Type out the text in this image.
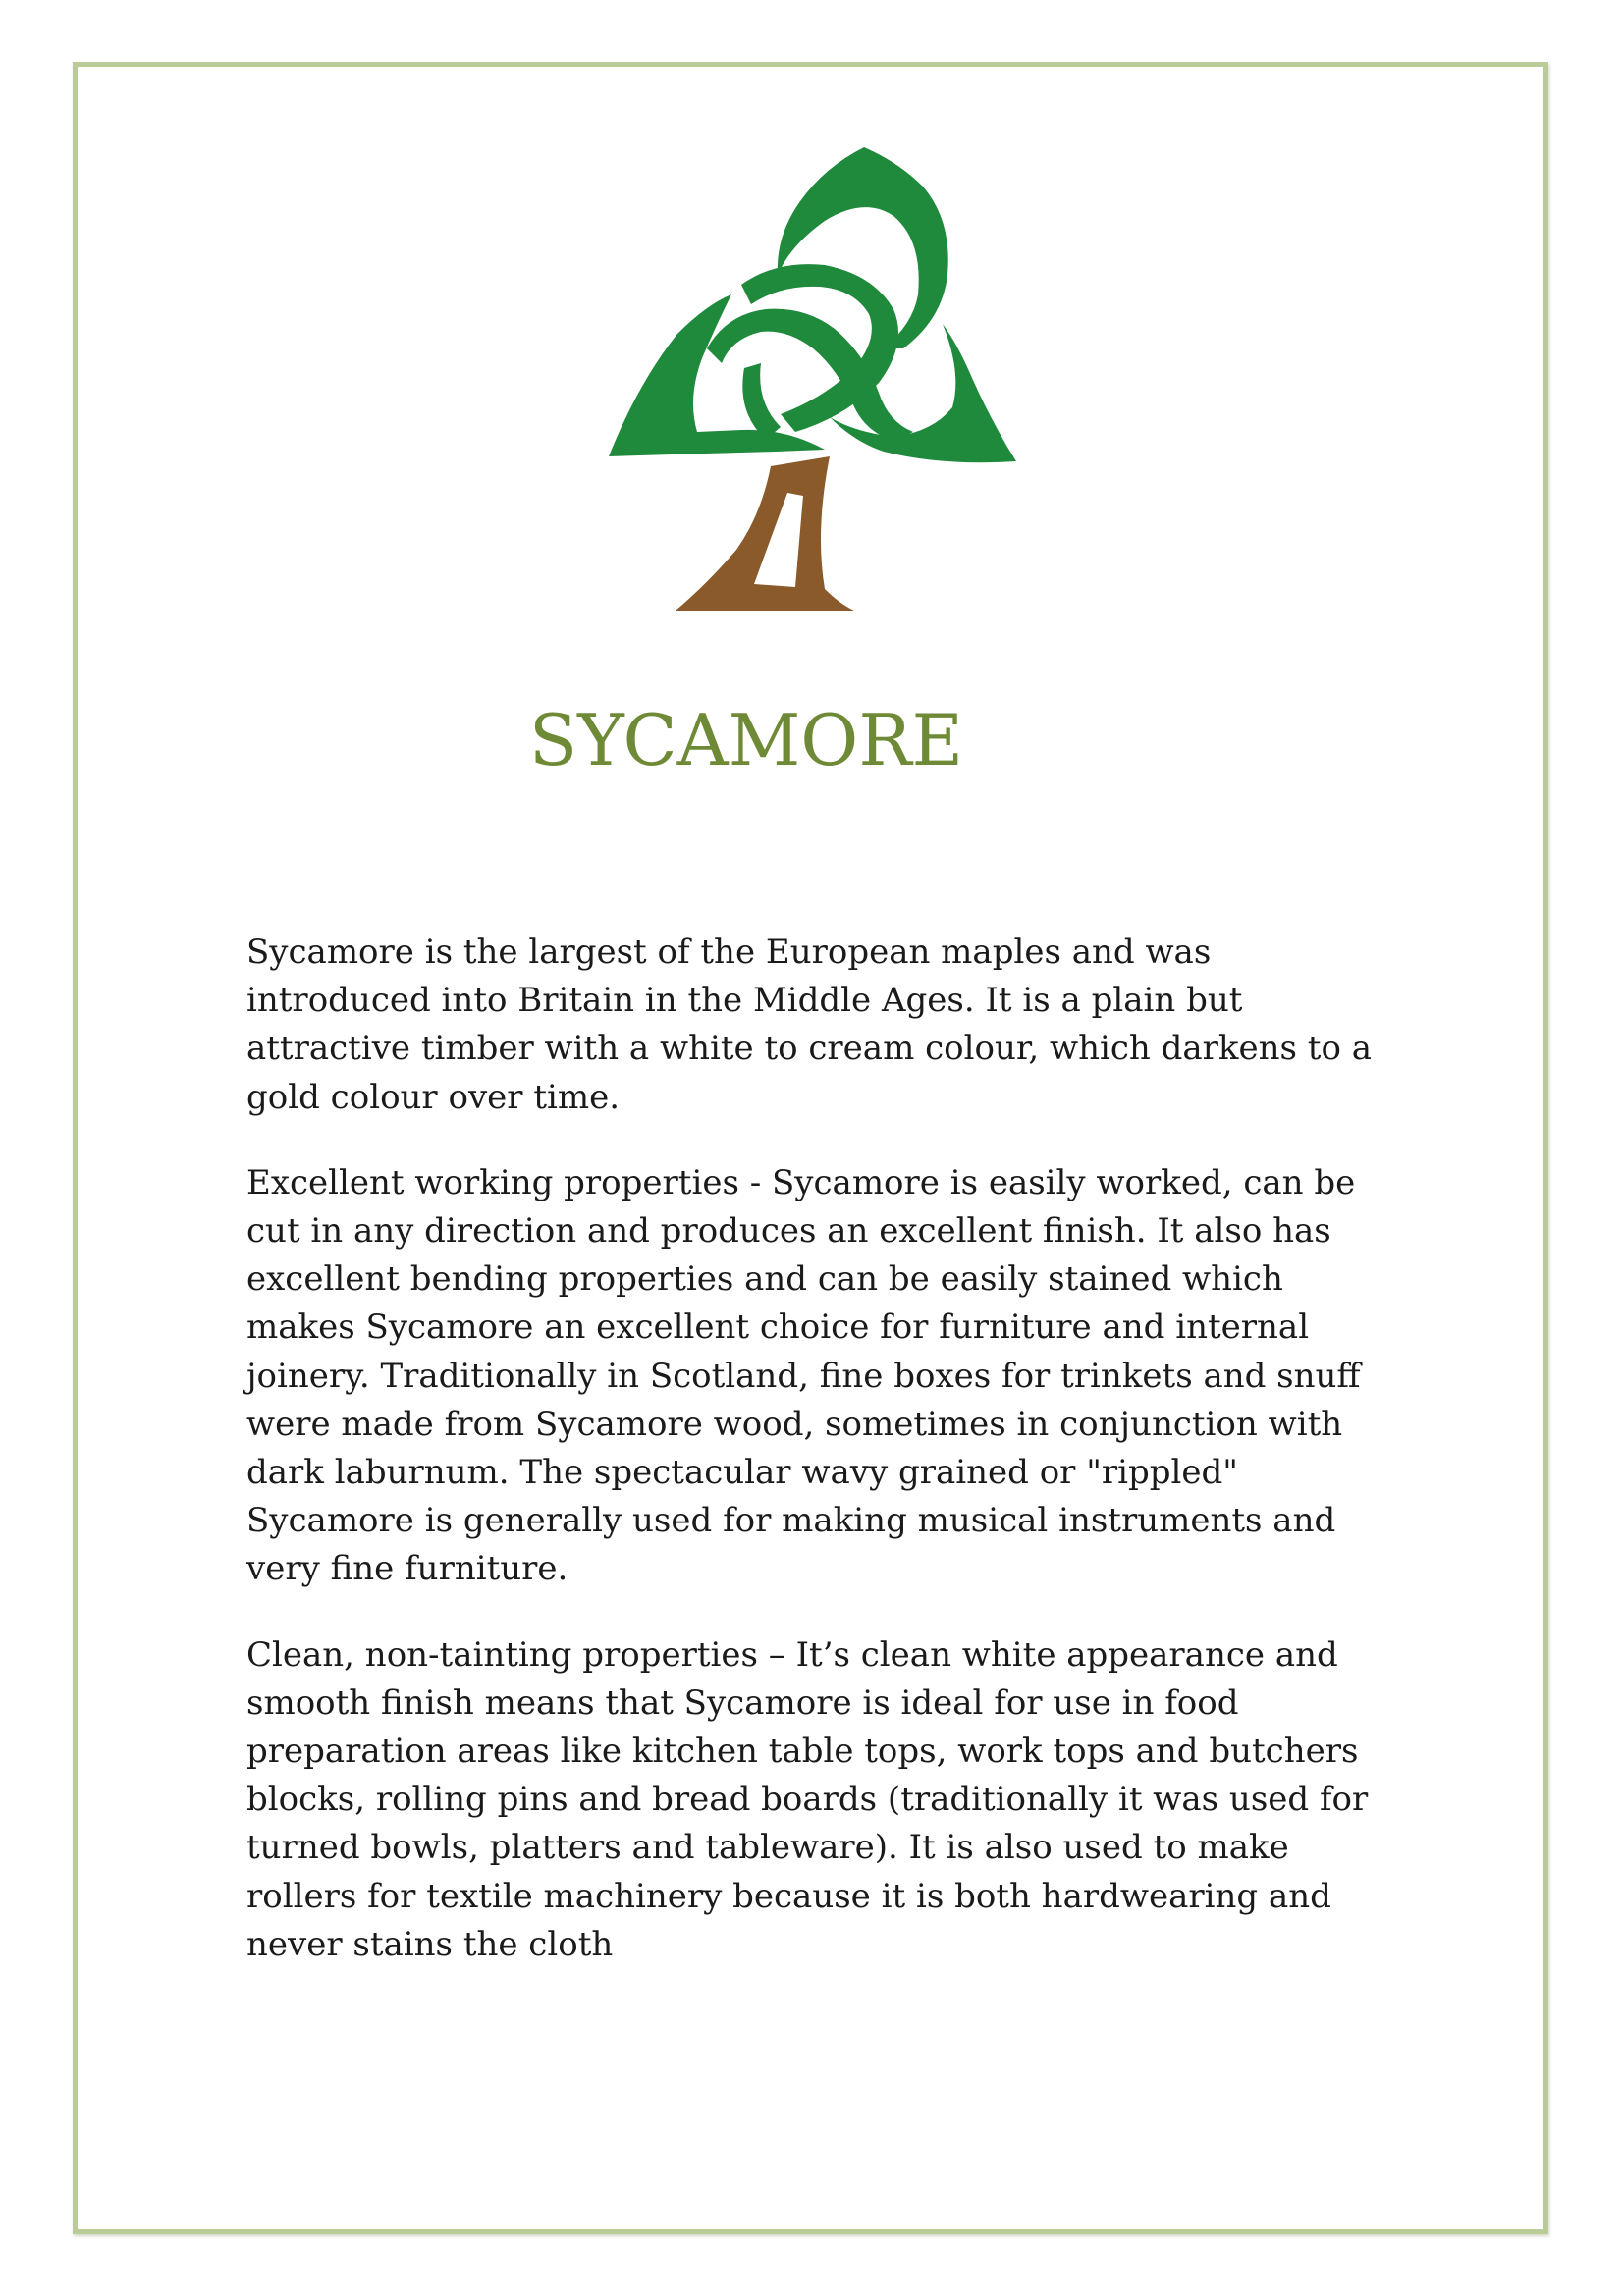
SYCAMORE

Sycamore is the largest of the European maples and was introduced into Britain in the Middle Ages. It is a plain but attractive timber with a white to cream colour, which darkens to a gold colour over time.

Excellent working properties - Sycamore is easily worked, can be cut in any direction and produces an excellent finish. It also has excellent bending properties and can be easily stained which makes Sycamore an excellent choice for furniture and internal joinery. Traditionally in Scotland, fine boxes for trinkets and snuff were made from Sycamore wood, sometimes in conjunction with dark laburnum. The spectacular wavy grained or "rippled" Sycamore is generally used for making musical instruments and very fine furniture.

Clean, non-tainting properties – It’s clean white appearance and smooth finish means that Sycamore is ideal for use in food preparation areas like kitchen table tops, work tops and butchers blocks, rolling pins and bread boards (traditionally it was used for turned bowls, platters and tableware). It is also used to make rollers for textile machinery because it is both hardwearing and never stains the cloth
